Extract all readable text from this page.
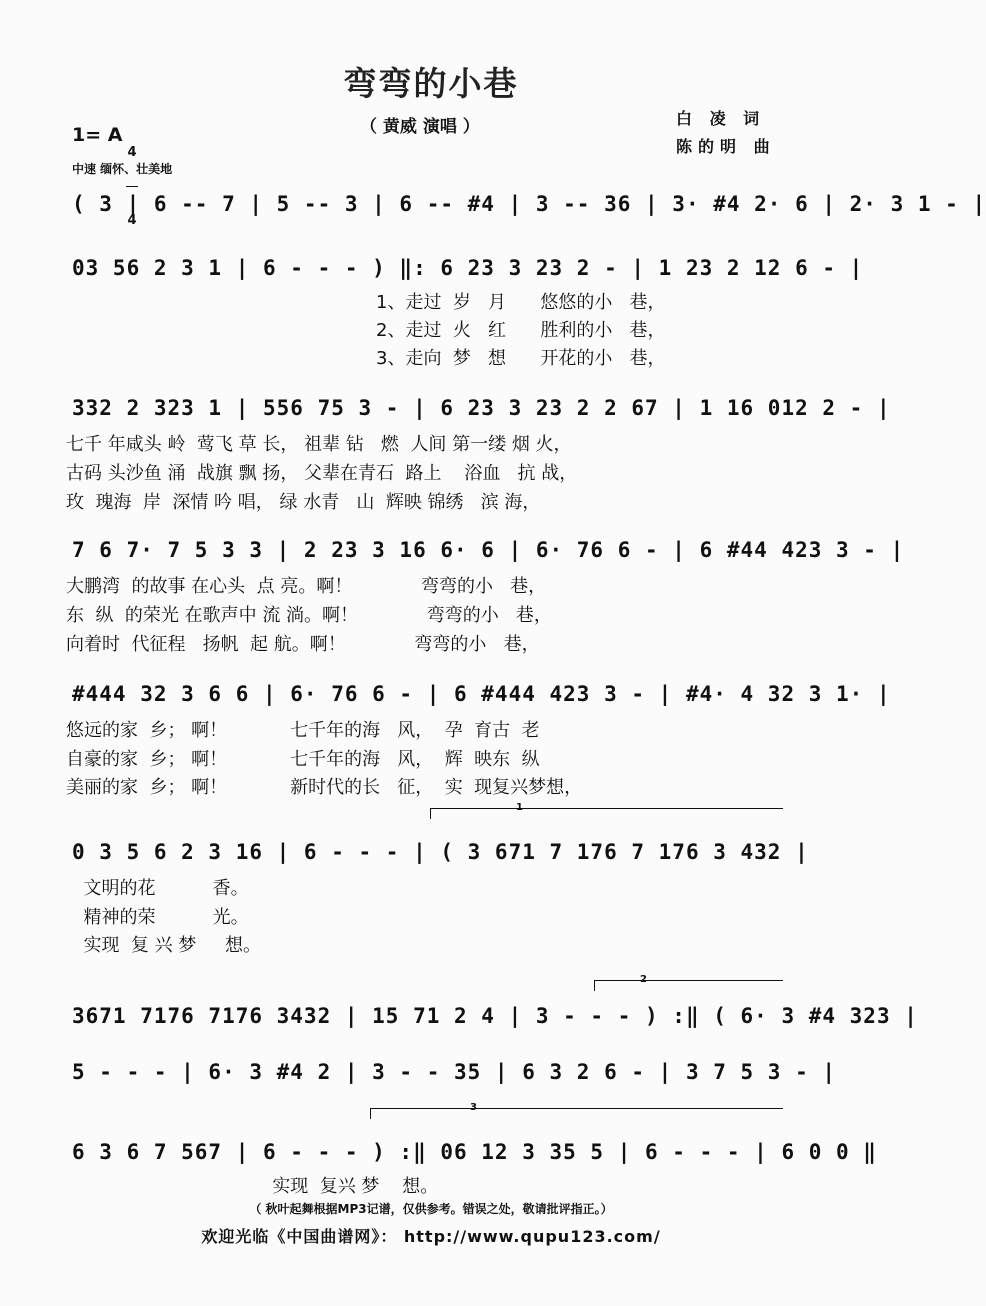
弯弯的小巷
（ 黄威 演唱 ）	白 凌 词
陈的明 曲
1= A

4

4

中速 缅怀、壮美地
( 3 | 6 -- 7 | 5 -- 3 | 6 -- #4 | 3 -- 36 | 3· #4 2· 6 | 2· 3 1 - |
03 56 2 3 1 | 6 - - - ) ‖: 6 23 3 23 2 - | 1 23 2 12 6 - |
1、走过  岁   月      悠悠的小   巷，
2、走过  火   红      胜利的小   巷，
3、走向  梦   想      开花的小   巷，
332 2 323 1 | 556 75 3 - | 6 23 3 23 2 2 67 | 1 16 012 2 - |
七千 年咸头 岭  莺飞 草 长， 祖辈 钻   燃  人间 第一缕 烟 火，
古码 头沙鱼 涌  战旗 飘 扬， 父辈在青石  路上    浴血   抗 战，
玫  瑰海  岸  深情 吟 唱， 绿 水青   山  辉映 锦绣   滨 海，
7 6 7· 7 5 3 3 | 2 23 3 16 6· 6 | 6· 76 6 - | 6 #44 423 3 - |
大鹏湾  的故事 在心头  点 亮。啊！            弯弯的小   巷，
东  纵  的荣光 在歌声中 流 淌。啊！            弯弯的小   巷，
向着时  代征程   扬帆  起 航。啊！            弯弯的小   巷，
#444 32 3 6 6 | 6· 76 6 - | 6 #444 423 3 - | #4· 4 32 3 1· |
悠远的家  乡； 啊！           七千年的海   风，  孕  育古  老
自豪的家  乡； 啊！           七千年的海   风，  辉  映东  纵
美丽的家  乡； 啊！           新时代的长   征，  实  现复兴梦想，
1
0 3 5 6 2 3 16 | 6 - - - | ( 3 671 7 176 7 176 3 432 |
文明的花          香。
精神的荣          光。
实现  复 兴 梦     想。
2
3671 7176 7176 3432 | 15 71 2 4 | 3 - - - ) :‖ ( 6· 3 #4 323 |
5 - - - | 6· 3 #4 2 | 3 - - 35 | 6 3 2 6 - | 3 7 5 3 - |
3
6 3 6 7 567 | 6 - - - ) :‖ 06 12 3 35 5 | 6 - - - | 6 0 0 ‖
实现  复兴 梦    想。
（ 秋叶起舞根据MP3记谱，仅供参考。错误之处，敬请批评指正。）
欢迎光临《中国曲谱网》： http://www.qupu123.com/
